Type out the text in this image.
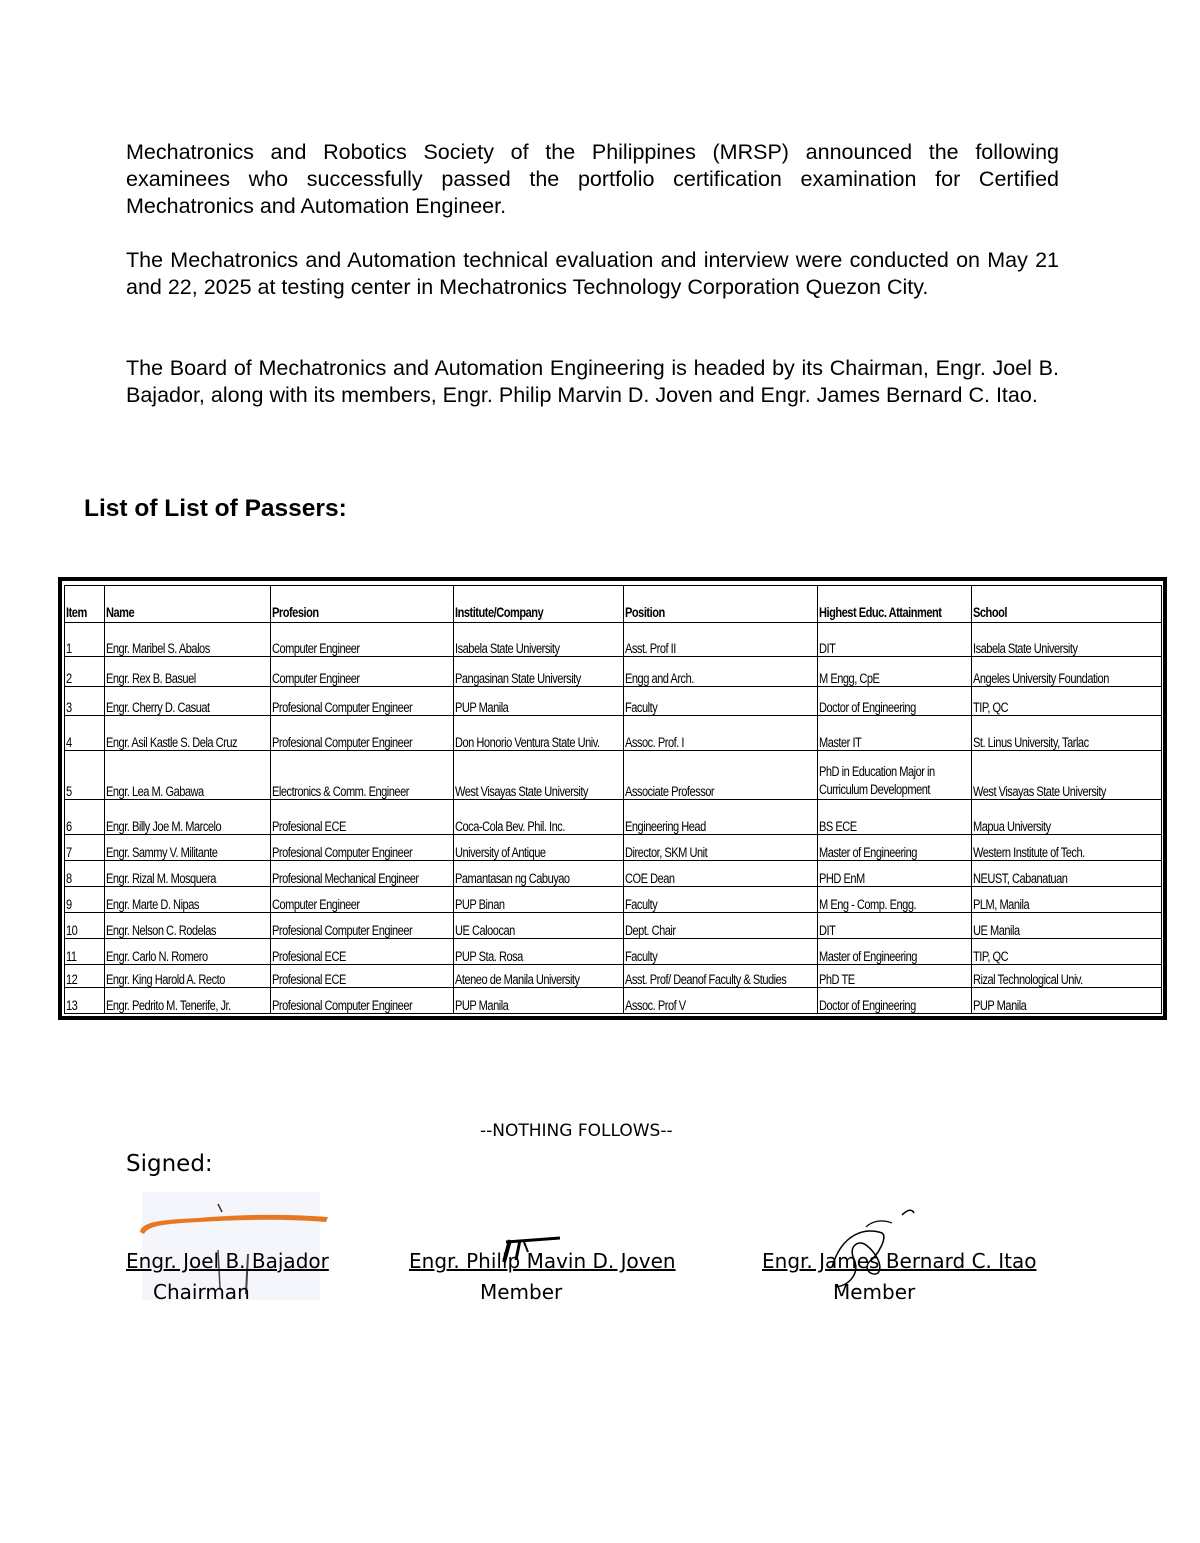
Mechatronics and Robotics Society of the Philippines (MRSP) announced the following examinees who successfully passed the portfolio certification examination for Certified Mechatronics and Automation Engineer.

The Mechatronics and Automation technical evaluation and interview were conducted on May 21 and 22, 2025 at testing center in Mechatronics Technology Corporation Quezon City.

The Board of Mechatronics and Automation Engineering is headed by its Chairman, Engr. Joel B. Bajador, along with its members, Engr. Philip Marvin D. Joven and Engr. James Bernard C. Itao.

List of List of Passers:
Item	Name	Profesion	Institute/Company	Position	Highest Educ. Attainment	School
1	Engr. Maribel S. Abalos	Computer Engineer	Isabela State University	Asst. Prof II	DIT	Isabela State University
2	Engr. Rex B. Basuel	Computer Engineer	Pangasinan State University	Engg and Arch.	M Engg, CpE	Angeles University Foundation
3	Engr. Cherry D. Casuat	Profesional Computer Engineer	PUP Manila	Faculty	Doctor of Engineering	TIP, QC
4	Engr. Asil Kastle S. Dela Cruz	Profesional Computer Engineer	Don Honorio Ventura State Univ.	Assoc. Prof. I	Master IT	St. Linus University, Tarlac
5	Engr. Lea M. Gabawa	Electronics & Comm. Engineer	West Visayas State University	Associate Professor	PhD in Education Major in Curriculum Development	West Visayas State University
6	Engr. Billy Joe M. Marcelo	Profesional ECE	Coca-Cola Bev. Phil. Inc.	Engineering Head	BS ECE	Mapua University
7	Engr. Sammy V. Militante	Profesional Computer Engineer	University of Antique	Director, SKM Unit	Master of Engineering	Western Institute of Tech.
8	Engr. Rizal M. Mosquera	Profesional Mechanical Engineer	Pamantasan ng Cabuyao	COE Dean	PHD EnM	NEUST, Cabanatuan
9	Engr. Marte D. Nipas	Computer Engineer	PUP Binan	Faculty	M Eng - Comp. Engg.	PLM, Manila
10	Engr. Nelson C. Rodelas	Profesional Computer Engineer	UE Caloocan	Dept. Chair	DIT	UE Manila
11	Engr. Carlo N. Romero	Profesional ECE	PUP Sta. Rosa	Faculty	Master of Engineering	TIP, QC
12	Engr. King Harold A. Recto	Profesional ECE	Ateneo de Manila University	Asst. Prof/ Deanof Faculty & Studies	PhD TE	Rizal Technological Univ.
13	Engr. Pedrito M. Tenerife, Jr.	Profesional Computer Engineer	PUP Manila	Assoc. Prof V	Doctor of Engineering	PUP Manila
--NOTHING FOLLOWS--
Signed:
Engr. Joel B. Bajador
Chairman
Engr. Philip Mavin D. Joven
Member
Engr. James Bernard C. Itao
Member
